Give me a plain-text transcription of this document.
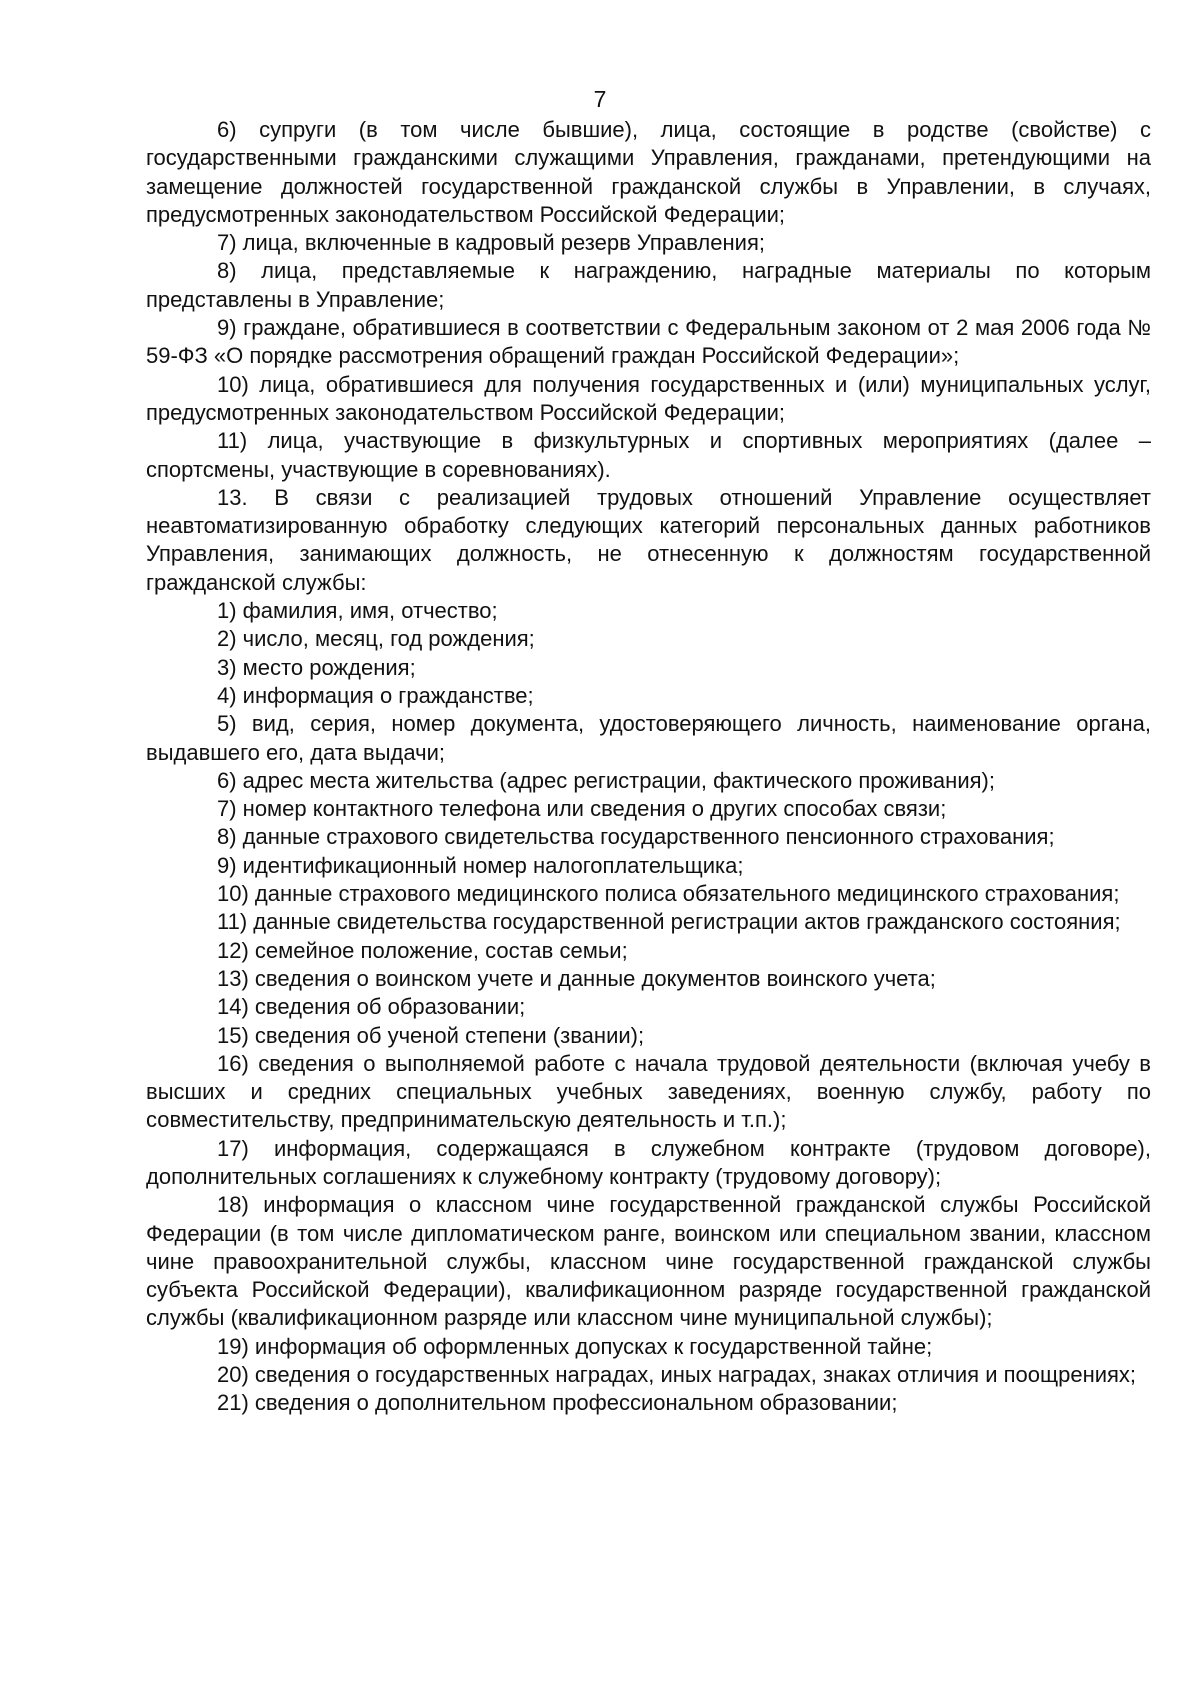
7

6) супруги (в том числе бывшие), лица, состоящие в родстве (свойстве) с государственными гражданскими служащими Управления, гражданами, претендующими на замещение должностей государственной гражданской службы в Управлении, в случаях, предусмотренных законодательством Российской Федерации;

7) лица, включенные в кадровый резерв Управления;

8) лица, представляемые к награждению, наградные материалы по которым представлены в Управление;

9) граждане, обратившиеся в соответствии с Федеральным законом от 2 мая 2006 года № 59-ФЗ «О порядке рассмотрения обращений граждан Российской Федерации»;

10) лица, обратившиеся для получения государственных и (или) муниципальных услуг, предусмотренных законодательством Российской Федерации;

11) лица, участвующие в физкультурных и спортивных мероприятиях (далее – спортсмены, участвующие в соревнованиях).

13. В связи с реализацией трудовых отношений Управление осуществляет неавтоматизированную обработку следующих категорий персональных данных работников Управления, занимающих должность, не отнесенную к должностям государственной гражданской службы:

1) фамилия, имя, отчество;

2) число, месяц, год рождения;

3) место рождения;

4) информация о гражданстве;

5) вид, серия, номер документа, удостоверяющего личность, наименование органа, выдавшего его, дата выдачи;

6) адрес места жительства (адрес регистрации, фактического проживания);

7) номер контактного телефона или сведения о других способах связи;

8) данные страхового свидетельства государственного пенсионного страхования;

9) идентификационный номер налогоплательщика;

10) данные страхового медицинского полиса обязательного медицинского страхования;

11) данные свидетельства государственной регистрации актов гражданского состояния;

12) семейное положение, состав семьи;

13) сведения о воинском учете и данные документов воинского учета;

14) сведения об образовании;

15) сведения об ученой степени (звании);

16) сведения о выполняемой работе с начала трудовой деятельности (включая учебу в высших и средних специальных учебных заведениях, военную службу, работу по совместительству, предпринимательскую деятельность и т.п.);

17) информация, содержащаяся в служебном контракте (трудовом договоре), дополнительных соглашениях к служебному контракту (трудовому договору);

18) информация о классном чине государственной гражданской службы Российской Федерации (в том числе дипломатическом ранге, воинском или специальном звании, классном чине правоохранительной службы, классном чине государственной гражданской службы субъекта Российской Федерации), квалификационном разряде государственной гражданской службы (квалификационном разряде или классном чине муниципальной службы);

19) информация об оформленных допусках к государственной тайне;

20) сведения о государственных наградах, иных наградах, знаках отличия и поощрениях;

21) сведения о дополнительном профессиональном образовании;
